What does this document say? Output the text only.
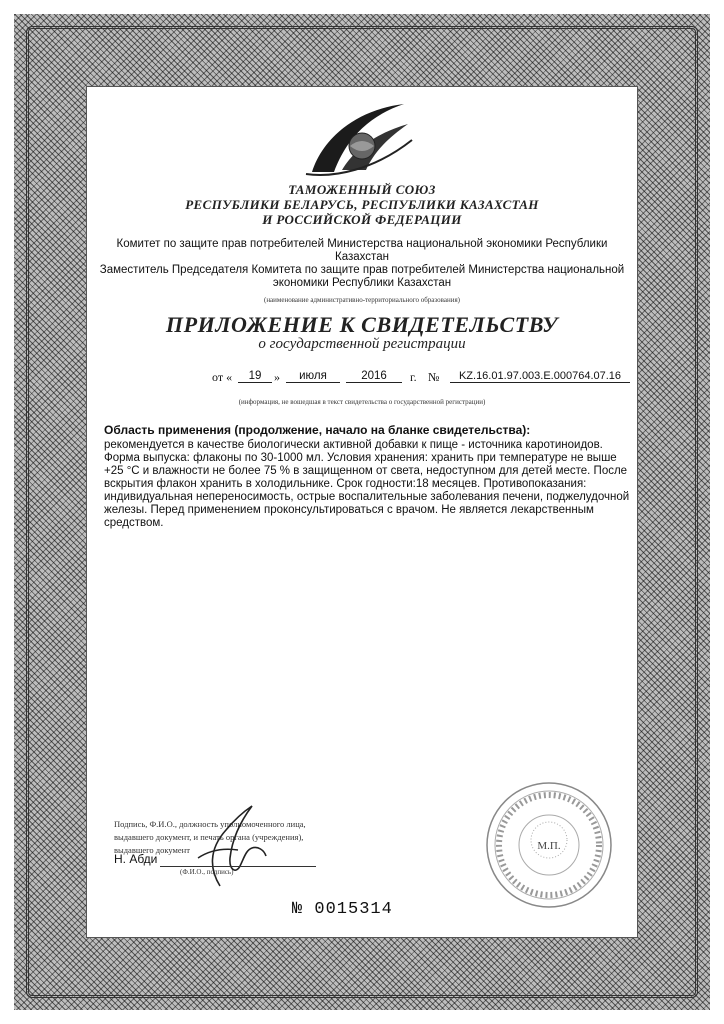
ТАМОЖЕННЫЙ СОЮЗ
РЕСПУБЛИКИ БЕЛАРУСЬ, РЕСПУБЛИКИ КАЗАХСТАН
И РОССИЙСКОЙ ФЕДЕРАЦИИ
Комитет по защите прав потребителей Министерства национальной экономики Республики
Казахстан
Заместитель Председателя Комитета по защите прав потребителей Министерства национальной
экономики Республики Казахстан
(наименование административно-территориального образования)
ПРИЛОЖЕНИЕ К СВИДЕТЕЛЬСТВУ
о государственной регистрации
от «	19	»	июля	2016	г. №	KZ.16.01.97.003.Е.000764.07.16
(информация, не вошедшая в текст свидетельства о государственной регистрации)

Область применения (продолжение, начало на бланке свидетельства):

рекомендуется в качестве биологически активной добавки к пище - источника каротиноидов.

Форма выпуска: флаконы по 30-1000 мл. Условия хранения: хранить при температуре не выше

+25 °С и влажности не более 75 % в защищенном от света, недоступном для детей месте. После

вскрытия флакон хранить в холодильнике. Срок годности:18 месяцев. Противопоказания:

индивидуальная непереносимость, острые воспалительные заболевания печени, поджелудочной

железы. Перед применением проконсультироваться с врачом. Не является лекарственным

средством.

Подпись, Ф.И.О., должность уполномоченного лица,
выдавшего документ, и печать органа (учреждения),
выдавшего документ
Н. Абди
(Ф.И.О., подпись)
М.П.
№ 0015314
